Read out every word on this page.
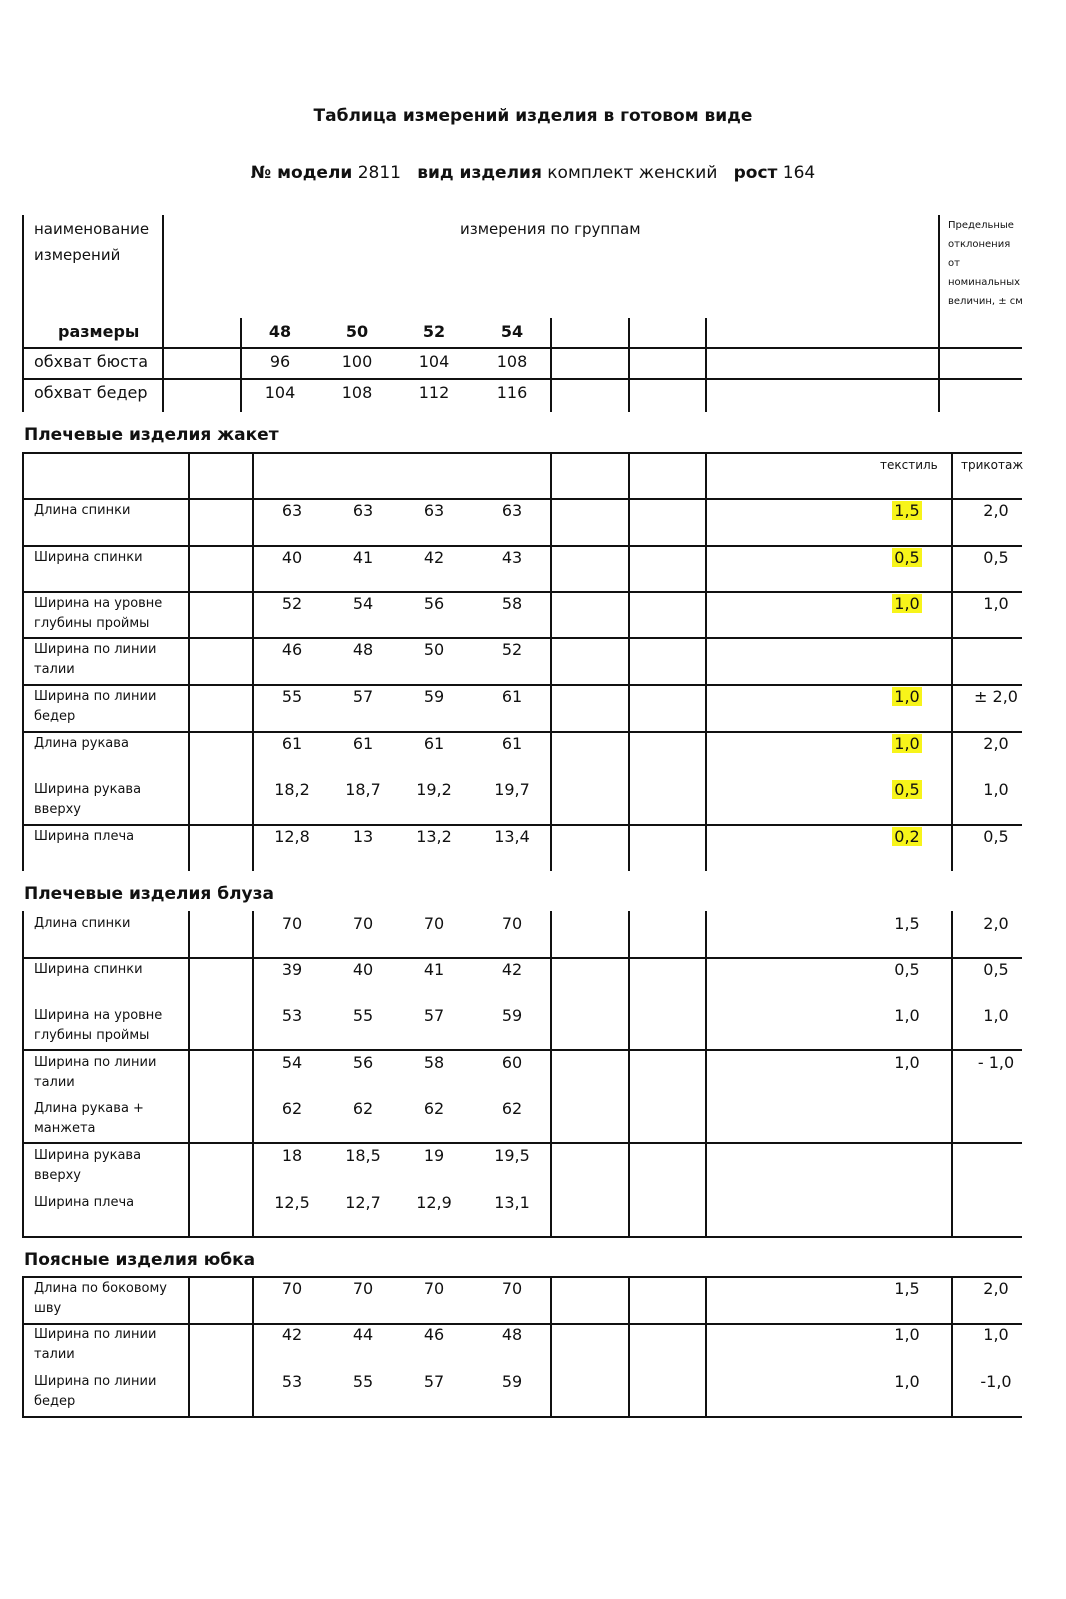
Таблица измерений изделия в готовом виде
№ модели 2811 вид изделия комплект женский рост 164
наименование измерений
измерения по группам	Предельные отклонения от номинальных величин, ± см
размеры	48	50	52	54
обхват бюста	96	100	104	108
обхват бедер	104	108	112	116
Плечевые изделия жакет
текстиль трикотаж
Длина спинки	63	63	63	63	1,5	2,0
Ширина спинки	40	41	42	43	0,5	0,5
Ширина на уровне глубины проймы
52	54	56	58	1,0	1,0
Ширина по линии талии
46	48	50	52
Ширина по линии бедер
55	57	59	61	1,0	± 2,0
Длина рукава	61	61	61	61	1,0	2,0
Ширина рукава вверху
18,2	18,7	19,2	19,7	0,5	1,0
Ширина плеча	12,8	13	13,2	13,4	0,2	0,5
Плечевые изделия блуза
Длина спинки	70	70	70	70	1,5	2,0
Ширина спинки	39	40	41	42	0,5	0,5
Ширина на уровне глубины проймы
53	55	57	59	1,0	1,0
Ширина по линии талии
54	56	58	60	1,0	- 1,0
Длина рукава + манжета
62	62	62	62
Ширина рукава вверху
18	18,5	19	19,5
Ширина плеча	12,5	12,7	12,9	13,1
Поясные изделия юбка
Длина по боковому шву
70	70	70	70	1,5	2,0
Ширина по линии талии
42	44	46	48	1,0	1,0
Ширина по линии бедер
53	55	57	59	1,0	-1,0
